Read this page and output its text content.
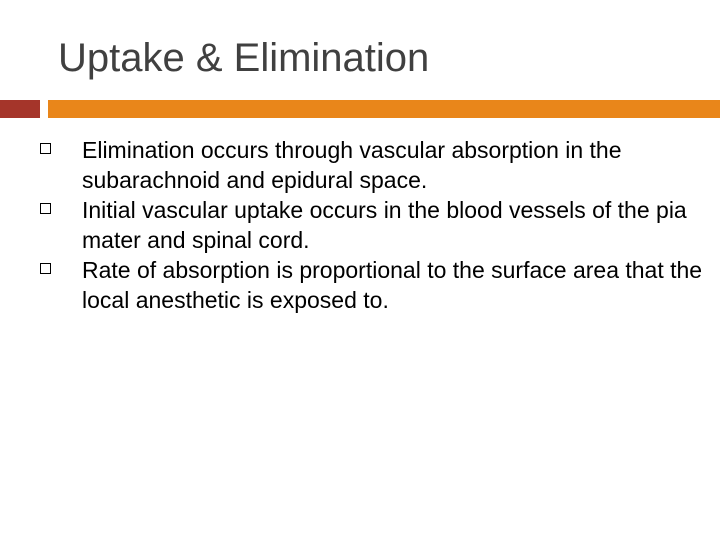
Uptake & Elimination
Elimination occurs through vascular absorption in the subarachnoid and epidural space.
Initial vascular uptake occurs in the blood vessels of the pia mater and spinal cord.
Rate of absorption is proportional to the surface area that the local anesthetic is exposed to.
